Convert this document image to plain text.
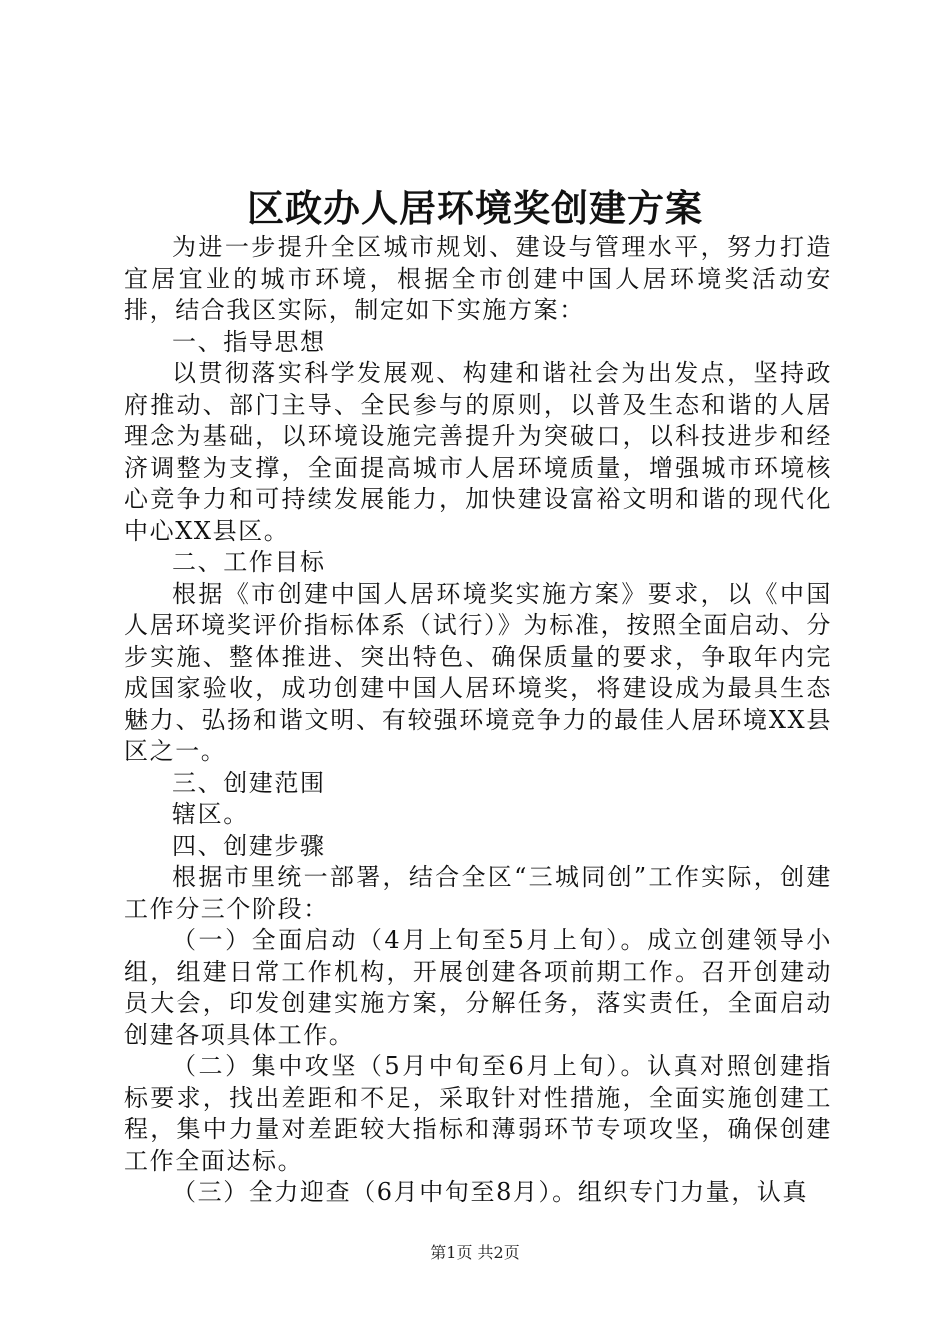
区政办人居环境奖创建方案

为进一步提升全区城市规划、建设与管理水平，努力打造宜居宜业的城市环境，根据全市创建中国人居环境奖活动安排，结合我区实际，制定如下实施方案：

一、指导思想

以贯彻落实科学发展观、构建和谐社会为出发点，坚持政府推动、部门主导、全民参与的原则，以普及生态和谐的人居理念为基础，以环境设施完善提升为突破口，以科技进步和经济调整为支撑，全面提高城市人居环境质量，增强城市环境核心竞争力和可持续发展能力，加快建设富裕文明和谐的现代化中心XX县区。

二、工作目标

根据《市创建中国人居环境奖实施方案》要求，以《中国人居环境奖评价指标体系（试行）》为标准，按照全面启动、分步实施、整体推进、突出特色、确保质量的要求，争取年内完成国家验收，成功创建中国人居环境奖，将建设成为最具生态魅力、弘扬和谐文明、有较强环境竞争力的最佳人居环境XX县区之一。

三、创建范围

辖区。

四、创建步骤

根据市里统一部署，结合全区“三城同创”工作实际，创建工作分三个阶段：

（一）全面启动（4月上旬至5月上旬）。成立创建领导小组，组建日常工作机构，开展创建各项前期工作。召开创建动员大会，印发创建实施方案，分解任务，落实责任，全面启动创建各项具体工作。

（二）集中攻坚（5月中旬至6月上旬）。认真对照创建指标要求，找出差距和不足，采取针对性措施，全面实施创建工程，集中力量对差距较大指标和薄弱环节专项攻坚，确保创建工作全面达标。

（三）全力迎查（6月中旬至8月）。组织专门力量，认真

第1页 共2页
